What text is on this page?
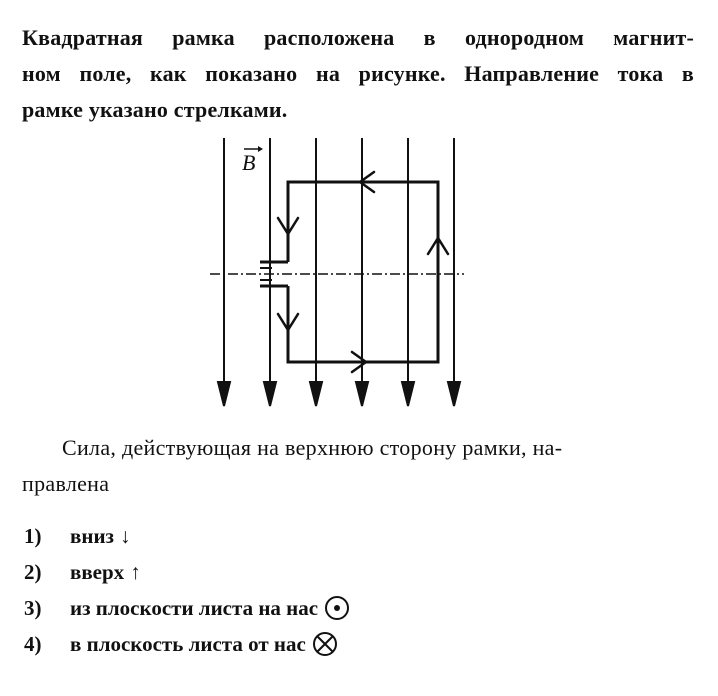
Квадратная рамка расположена в однородном магнит-
ном поле, как показано на рисунке. Направление тока в
рамке указано стрелками.
B
Сила, действующая на верхнюю сторону рамки, на-
правлена
1)	вниз ↓
2)	вверх ↑
3)	из плоскости листа на нас
4)	в плоскость листа от нас
